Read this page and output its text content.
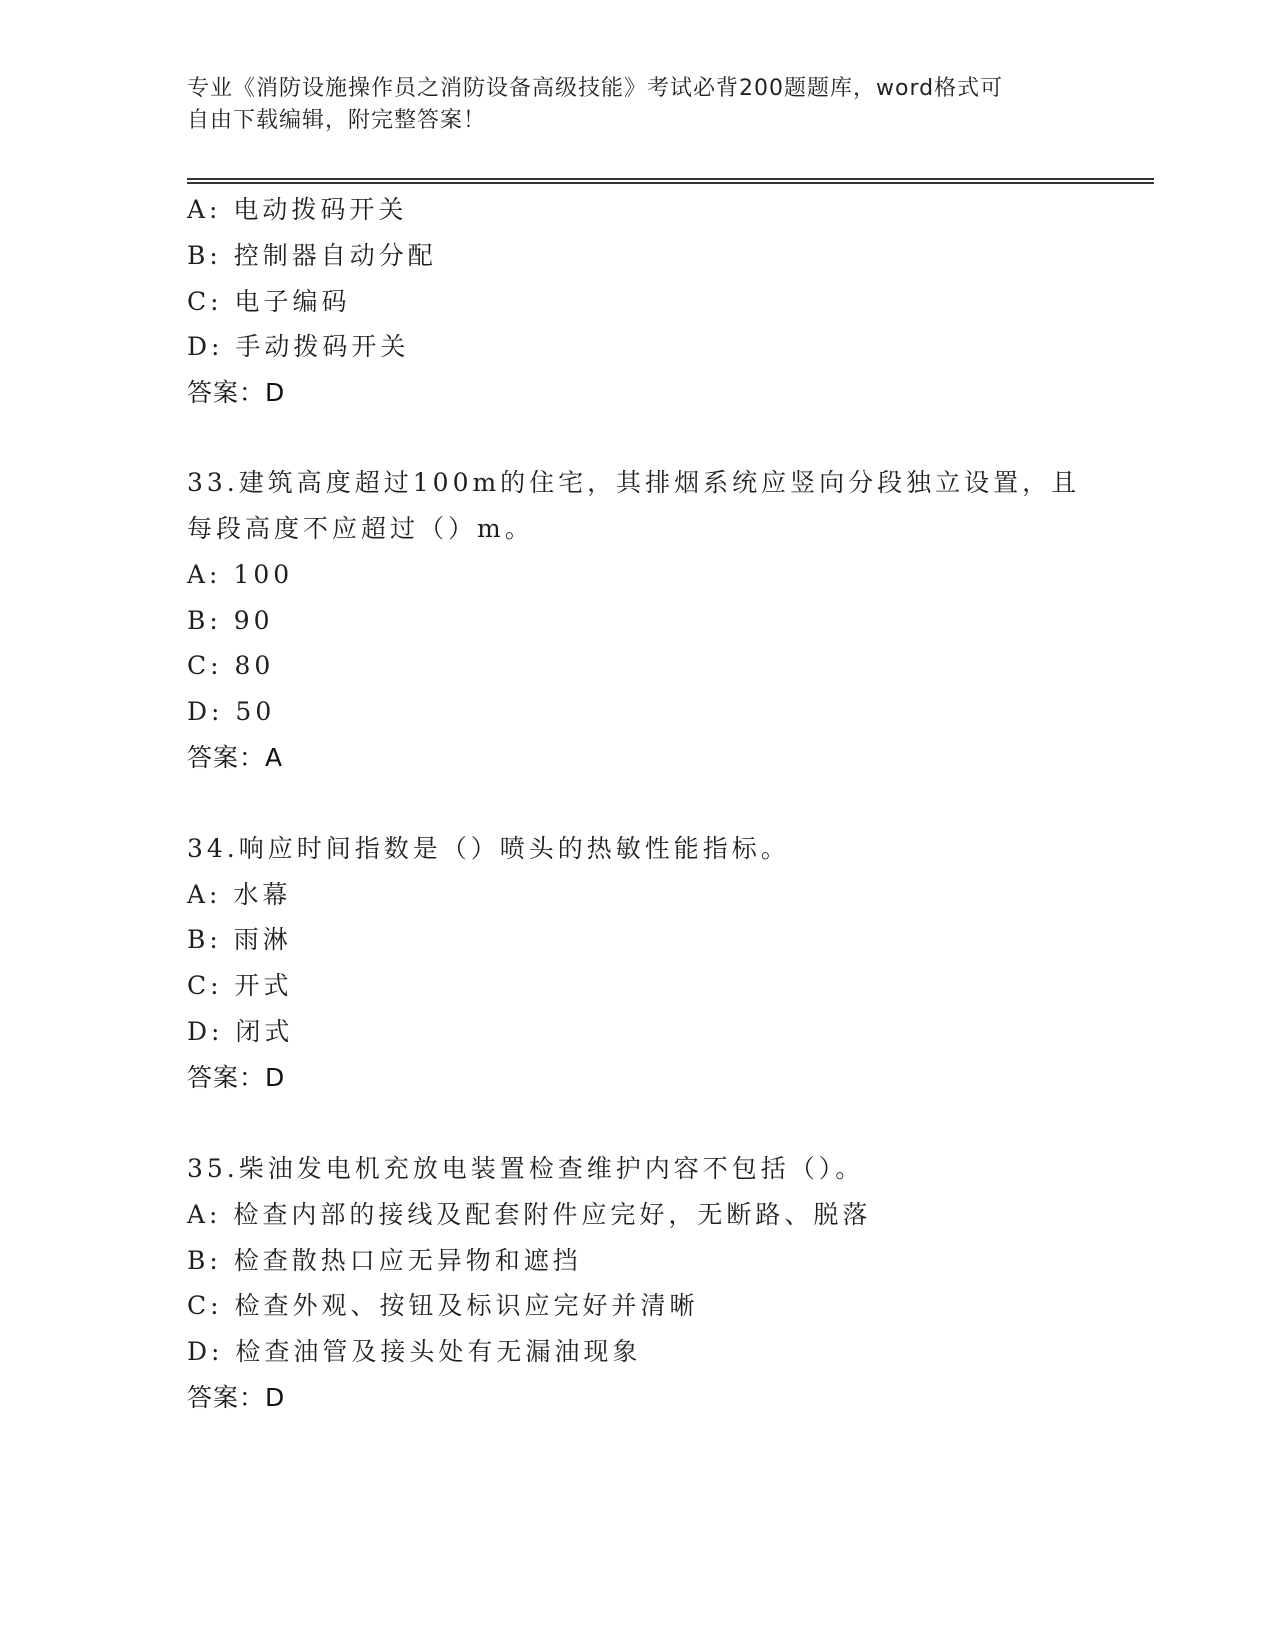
专业《消防设施操作员之消防设备高级技能》考试必背200题题库，word格式可
自由下载编辑，附完整答案！
A: 电动拨码开关
B: 控制器自动分配
C: 电子编码
D: 手动拨码开关
答案：D
33.建筑高度超过100m的住宅，其排烟系统应竖向分段独立设置，且
每段高度不应超过（）m。
A: 100
B: 90
C: 80
D: 50
答案：A
34.响应时间指数是（）喷头的热敏性能指标。
A: 水幕
B: 雨淋
C: 开式
D: 闭式
答案：D
35.柴油发电机充放电装置检查维护内容不包括（）。
A: 检查内部的接线及配套附件应完好，无断路、脱落
B: 检查散热口应无异物和遮挡
C: 检查外观、按钮及标识应完好并清晰
D: 检查油管及接头处有无漏油现象
答案：D
